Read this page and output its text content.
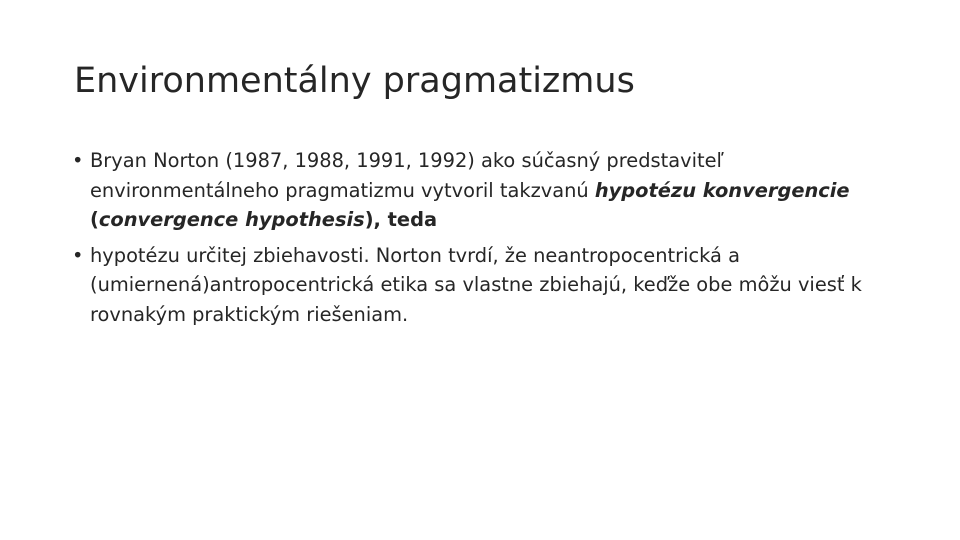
Environmentálny pragmatizmus
• Bryan Norton (1987, 1988, 1991, 1992) ako súčasný predstaviteľ environmentálneho pragmatizmu vytvoril takzvanú hypotézu konvergencie (convergence hypothesis), teda
• hypotézu určitej zbiehavosti. Norton tvrdí, že neantropocentrická a (umiernená)antropocentrická etika sa vlastne zbiehajú, keďže obe môžu viesť k rovnakým praktickým riešeniam.
